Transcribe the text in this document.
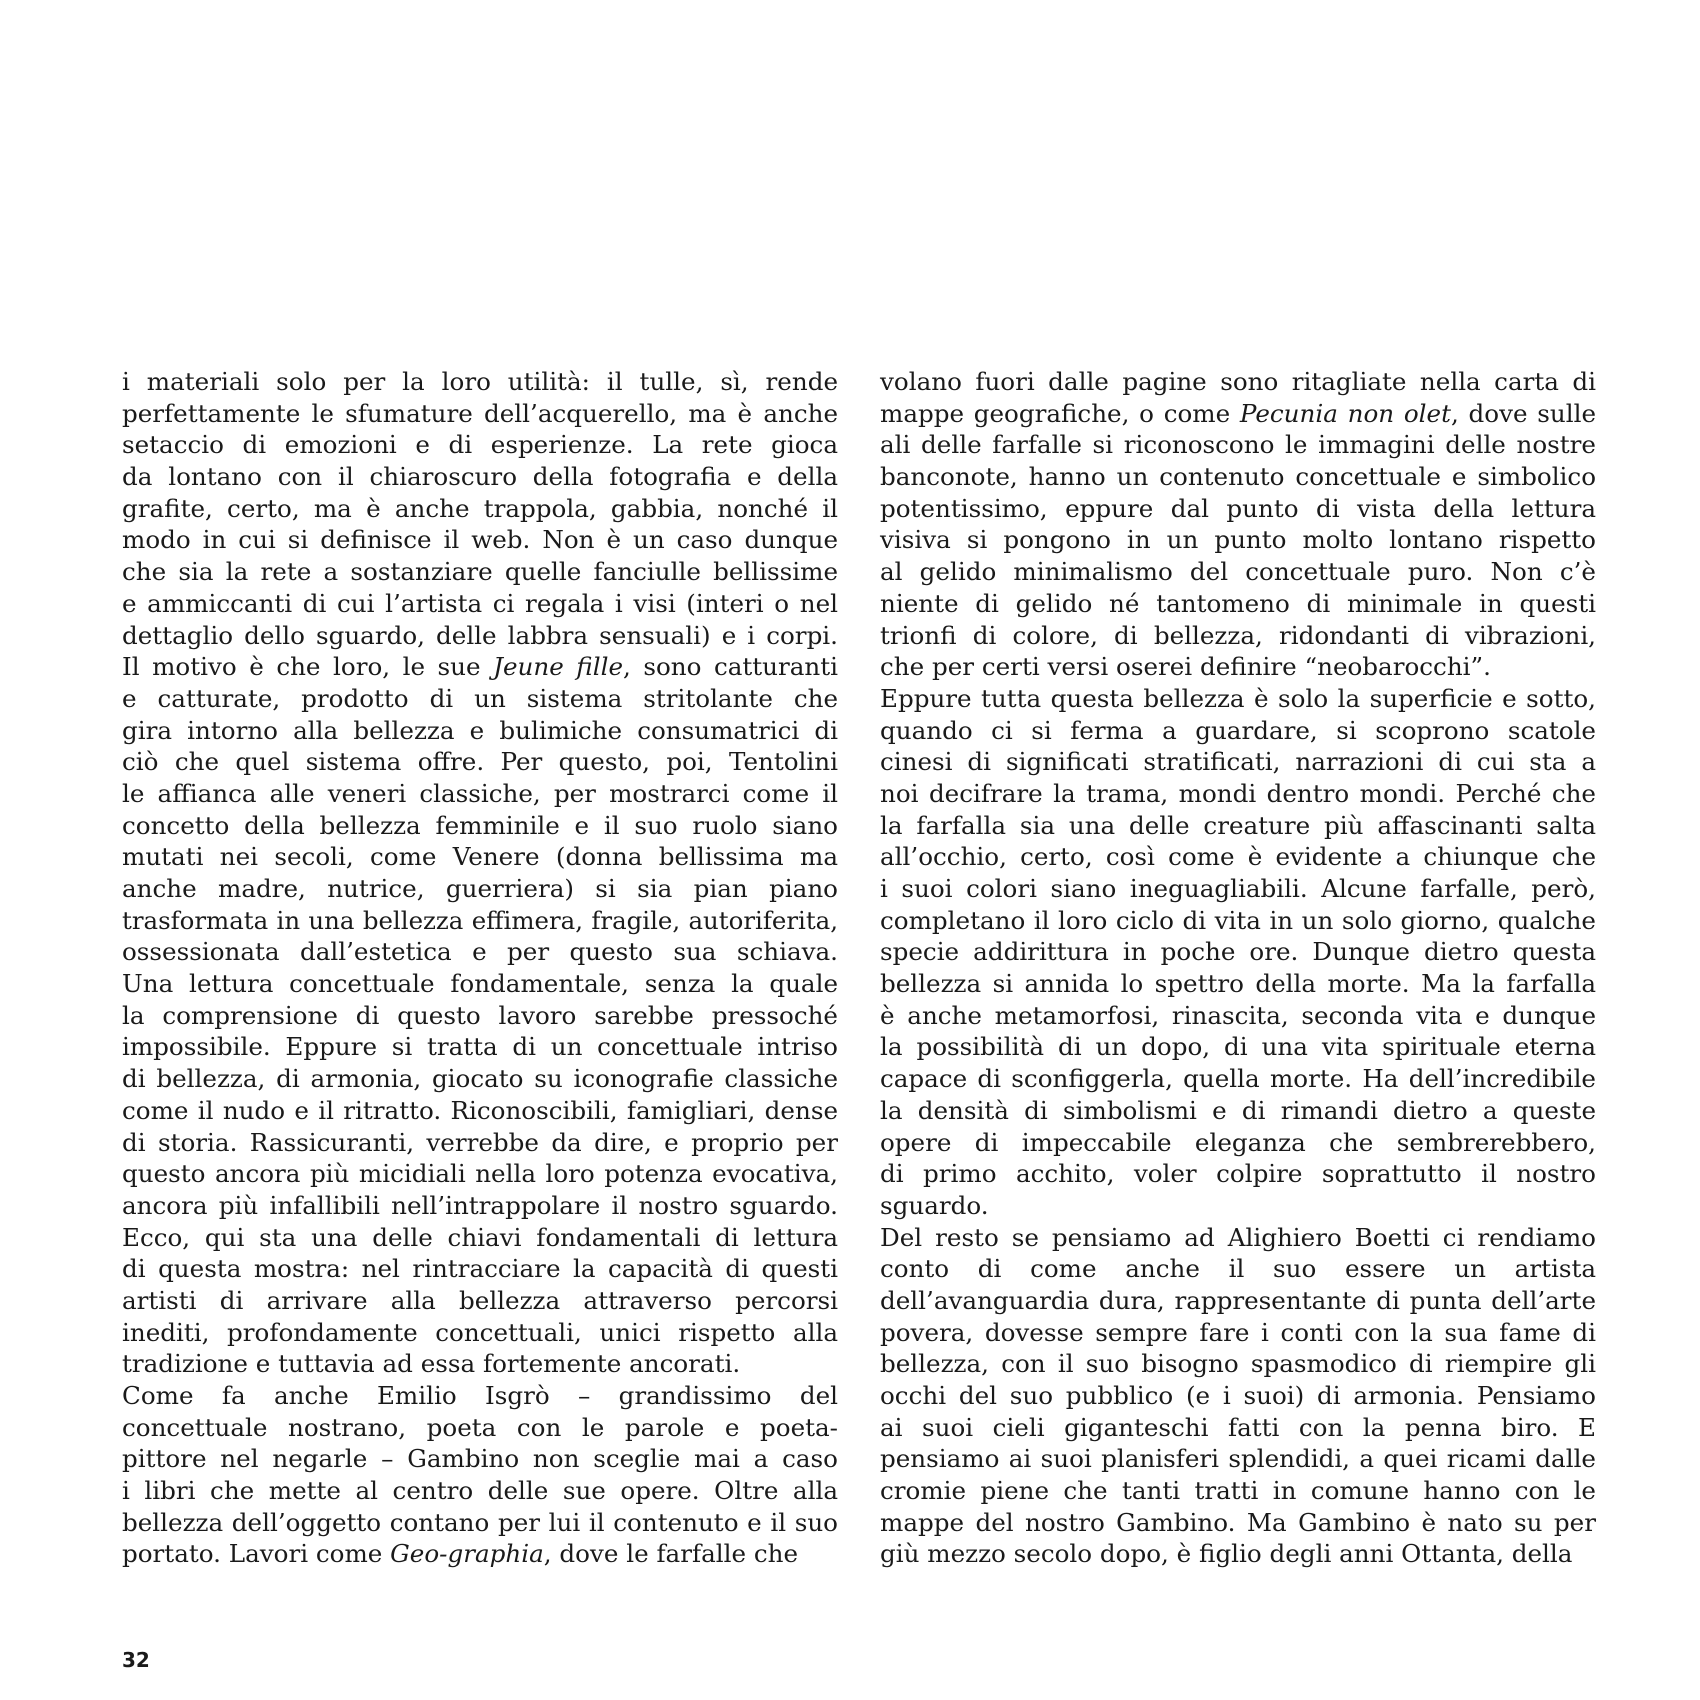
i materiali solo per la loro utilità: il tulle, sì, rende
perfettamente le sfumature dell’acquerello, ma è anche
setaccio di emozioni e di esperienze. La rete gioca
da lontano con il chiaroscuro della fotografia e della
grafite, certo, ma è anche trappola, gabbia, nonché il
modo in cui si definisce il web. Non è un caso dunque
che sia la rete a sostanziare quelle fanciulle bellissime
e ammiccanti di cui l’artista ci regala i visi (interi o nel
dettaglio dello sguardo, delle labbra sensuali) e i corpi.
Il motivo è che loro, le sue Jeune fille, sono catturanti
e catturate, prodotto di un sistema stritolante che
gira intorno alla bellezza e bulimiche consumatrici di
ciò che quel sistema offre. Per questo, poi, Tentolini
le affianca alle veneri classiche, per mostrarci come il
concetto della bellezza femminile e il suo ruolo siano
mutati nei secoli, come Venere (donna bellissima ma
anche madre, nutrice, guerriera) si sia pian piano
trasformata in una bellezza effimera, fragile, autoriferita,
ossessionata dall’estetica e per questo sua schiava.
Una lettura concettuale fondamentale, senza la quale
la comprensione di questo lavoro sarebbe pressoché
impossibile. Eppure si tratta di un concettuale intriso
di bellezza, di armonia, giocato su iconografie classiche
come il nudo e il ritratto. Riconoscibili, famigliari, dense
di storia. Rassicuranti, verrebbe da dire, e proprio per
questo ancora più micidiali nella loro potenza evocativa,
ancora più infallibili nell’intrappolare il nostro sguardo.
Ecco, qui sta una delle chiavi fondamentali di lettura
di questa mostra: nel rintracciare la capacità di questi
artisti di arrivare alla bellezza attraverso percorsi
inediti, profondamente concettuali, unici rispetto alla
tradizione e tuttavia ad essa fortemente ancorati.
Come fa anche Emilio Isgrò – grandissimo del
concettuale nostrano, poeta con le parole e poeta-
pittore nel negarle – Gambino non sceglie mai a caso
i libri che mette al centro delle sue opere. Oltre alla
bellezza dell’oggetto contano per lui il contenuto e il suo
portato. Lavori come Geo-graphia, dove le farfalle che
volano fuori dalle pagine sono ritagliate nella carta di
mappe geografiche, o come Pecunia non olet, dove sulle
ali delle farfalle si riconoscono le immagini delle nostre
banconote, hanno un contenuto concettuale e simbolico
potentissimo, eppure dal punto di vista della lettura
visiva si pongono in un punto molto lontano rispetto
al gelido minimalismo del concettuale puro. Non c’è
niente di gelido né tantomeno di minimale in questi
trionfi di colore, di bellezza, ridondanti di vibrazioni,
che per certi versi oserei definire “neobarocchi”.
Eppure tutta questa bellezza è solo la superficie e sotto,
quando ci si ferma a guardare, si scoprono scatole
cinesi di significati stratificati, narrazioni di cui sta a
noi decifrare la trama, mondi dentro mondi. Perché che
la farfalla sia una delle creature più affascinanti salta
all’occhio, certo, così come è evidente a chiunque che
i suoi colori siano ineguagliabili. Alcune farfalle, però,
completano il loro ciclo di vita in un solo giorno, qualche
specie addirittura in poche ore. Dunque dietro questa
bellezza si annida lo spettro della morte. Ma la farfalla
è anche metamorfosi, rinascita, seconda vita e dunque
la possibilità di un dopo, di una vita spirituale eterna
capace di sconfiggerla, quella morte. Ha dell’incredibile
la densità di simbolismi e di rimandi dietro a queste
opere di impeccabile eleganza che sembrerebbero,
di primo acchito, voler colpire soprattutto il nostro
sguardo.
Del resto se pensiamo ad Alighiero Boetti ci rendiamo
conto di come anche il suo essere un artista
dell’avanguardia dura, rappresentante di punta dell’arte
povera, dovesse sempre fare i conti con la sua fame di
bellezza, con il suo bisogno spasmodico di riempire gli
occhi del suo pubblico (e i suoi) di armonia. Pensiamo
ai suoi cieli giganteschi fatti con la penna biro. E
pensiamo ai suoi planisferi splendidi, a quei ricami dalle
cromie piene che tanti tratti in comune hanno con le
mappe del nostro Gambino. Ma Gambino è nato su per
giù mezzo secolo dopo, è figlio degli anni Ottanta, della
32
